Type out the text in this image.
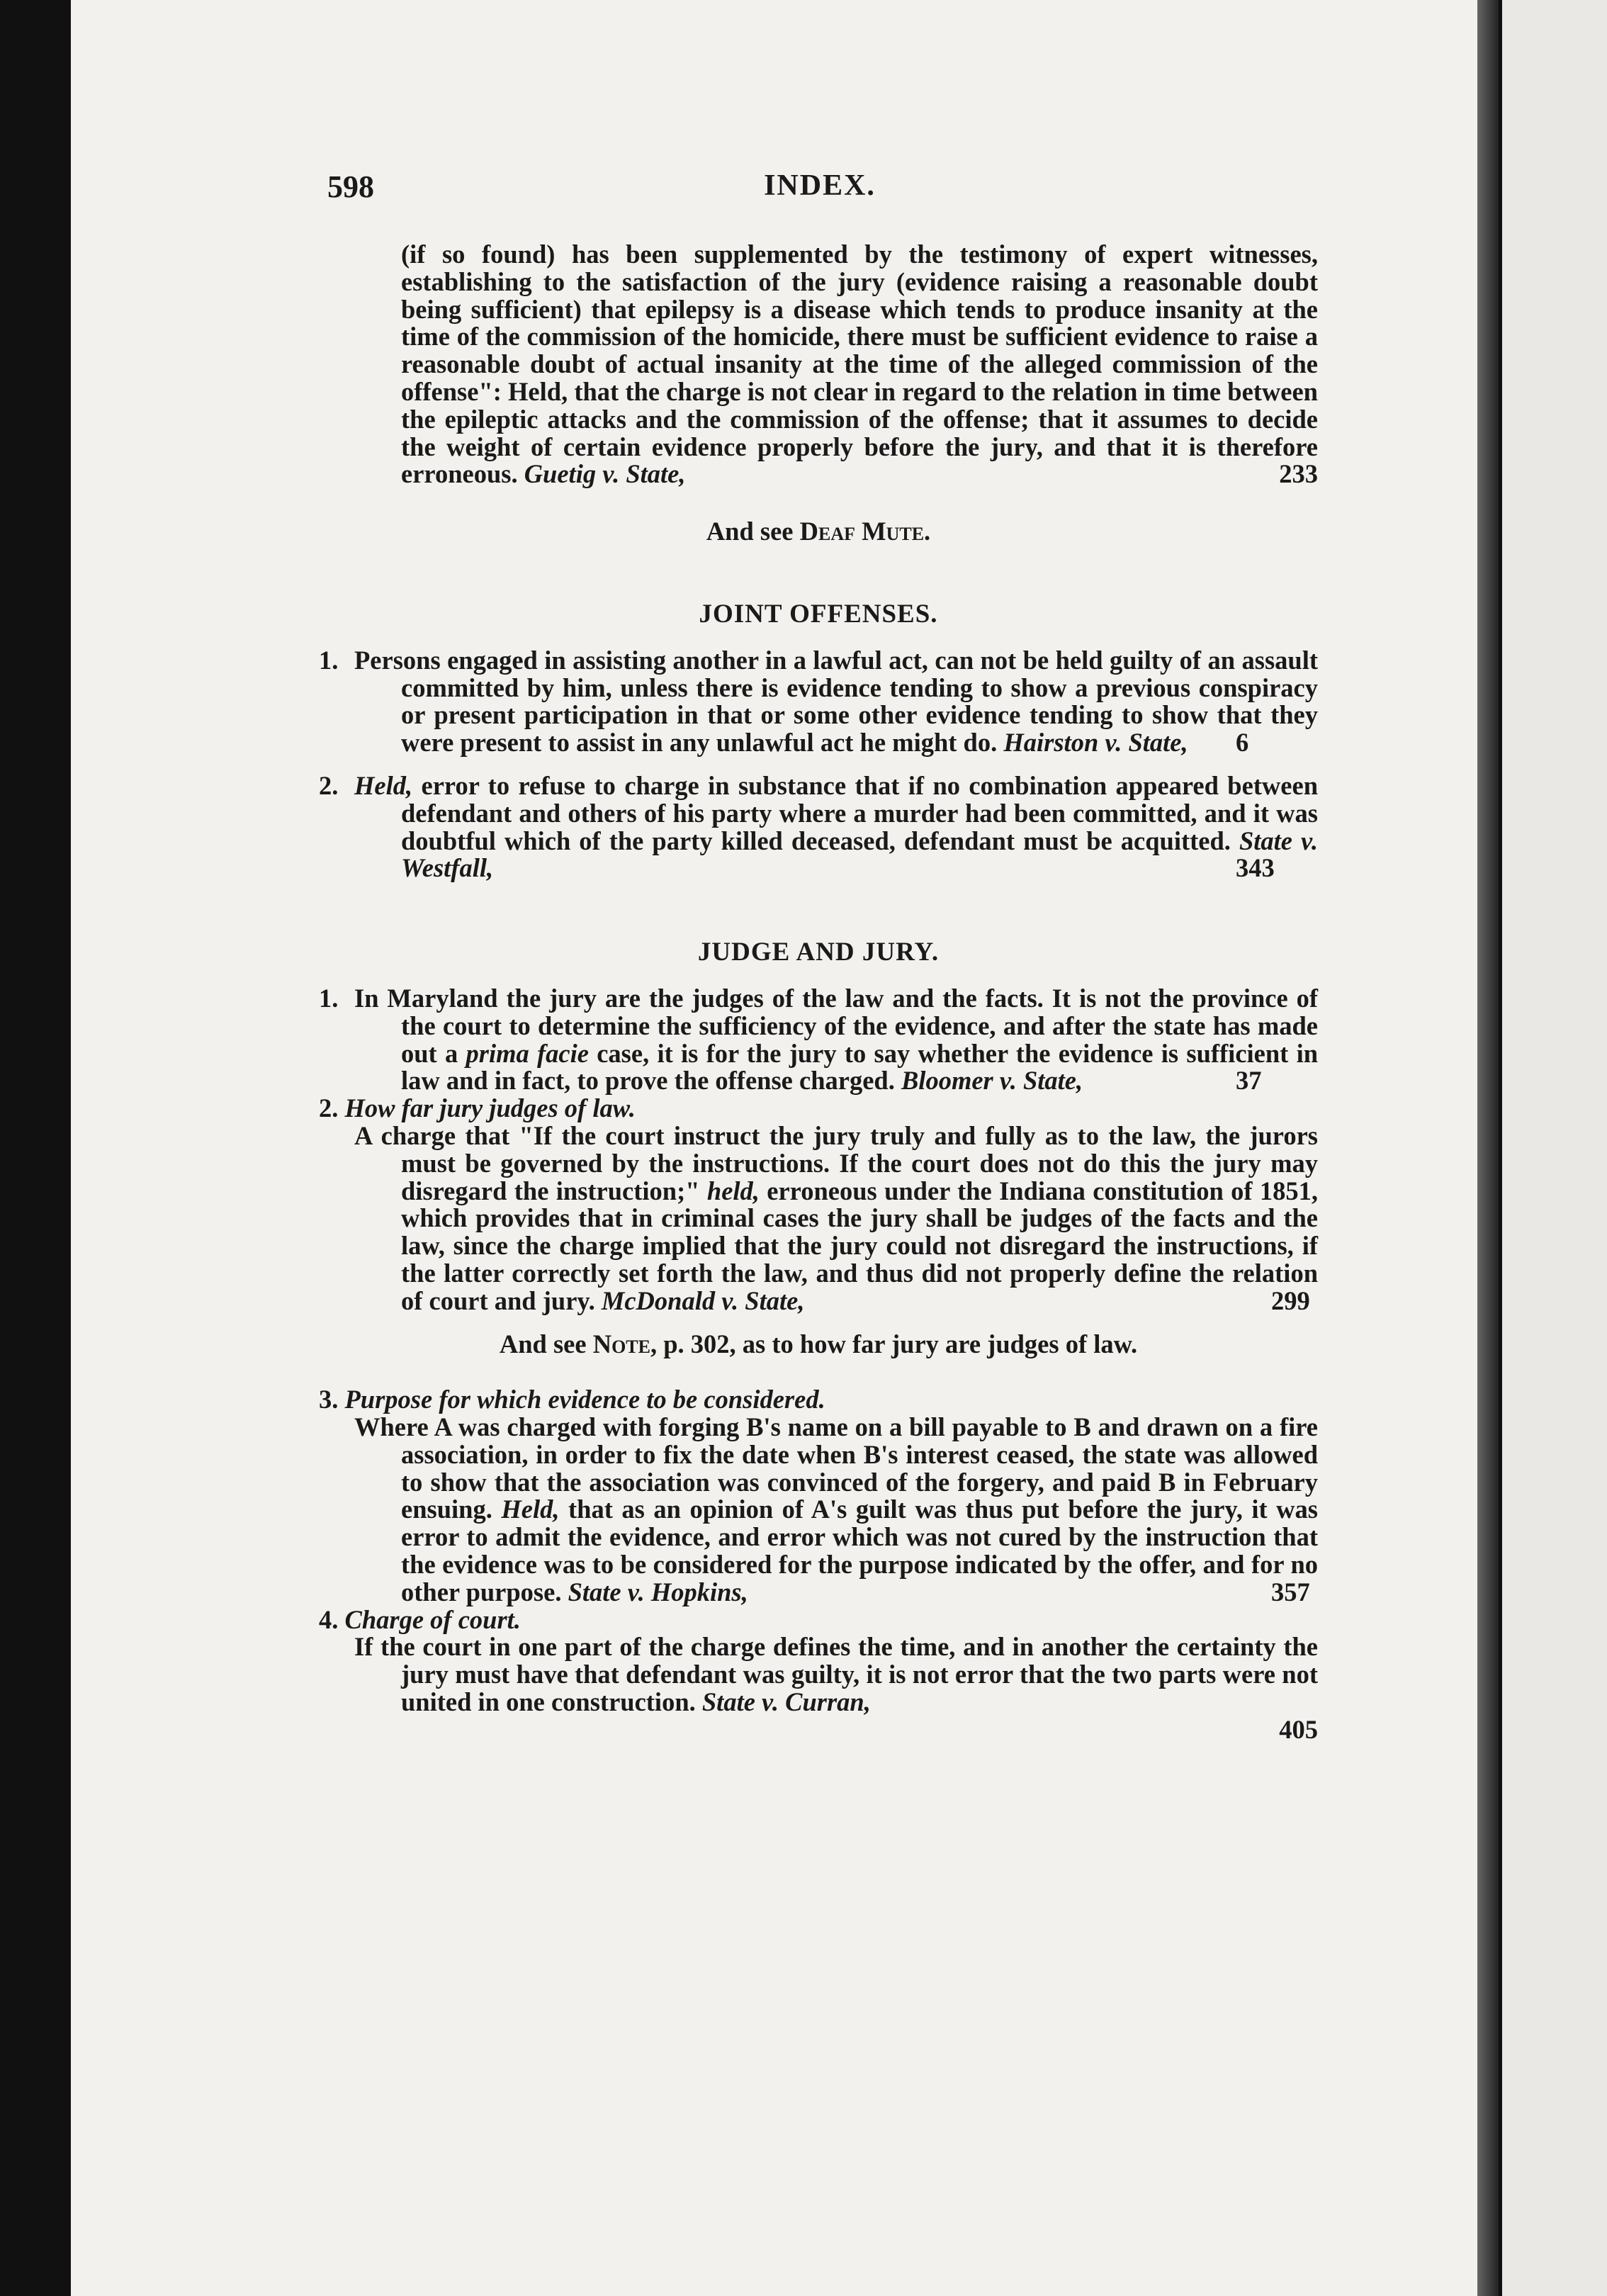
598	INDEX.

(if so found) has been supplemented by the testimony of expert witnesses, establishing to the satisfaction of the jury (evidence raising a reasonable doubt being sufficient) that epilepsy is a disease which tends to produce insanity at the time of the commission of the homicide, there must be sufficient evidence to raise a reasonable doubt of actual insanity at the time of the alleged commission of the offense": Held, that the charge is not clear in regard to the relation in time between the epileptic attacks and the commission of the offense; that it assumes to decide the weight of certain evidence properly before the jury, and that it is therefore erroneous. Guetig v. State,	233

And see Deaf Mute.

JOINT OFFENSES.

1. Persons engaged in assisting another in a lawful act, can not be held guilty of an assault committed by him, unless there is evidence tending to show a previous conspiracy or present participation in that or some other evidence tending to show that they were present to assist in any unlawful act he might do. Hairston v. State, 6

2. Held, error to refuse to charge in substance that if no combination appeared between defendant and others of his party where a murder had been committed, and it was doubtful which of the party killed deceased, defendant must be acquitted. State v. Westfall,	343

JUDGE AND JURY.

1. In Maryland the jury are the judges of the law and the facts. It is not the province of the court to determine the sufficiency of the evidence, and after the state has made out a prima facie case, it is for the jury to say whether the evidence is sufficient in law and in fact, to prove the offense charged. Bloomer v. State,	37

2. How far jury judges of law.

A charge that "If the court instruct the jury truly and fully as to the law, the jurors must be governed by the instructions. If the court does not do this the jury may disregard the instruction;" held, erroneous under the Indiana constitution of 1851, which provides that in criminal cases the jury shall be judges of the facts and the law, since the charge implied that the jury could not disregard the instructions, if the latter correctly set forth the law, and thus did not properly define the relation of court and jury. McDonald v. State,	299

And see Note, p. 302, as to how far jury are judges of law.

3. Purpose for which evidence to be considered.

Where A was charged with forging B's name on a bill payable to B and drawn on a fire association, in order to fix the date when B's interest ceased, the state was allowed to show that the association was convinced of the forgery, and paid B in February ensuing. Held, that as an opinion of A's guilt was thus put before the jury, it was error to admit the evidence, and error which was not cured by the instruction that the evidence was to be considered for the purpose indicated by the offer, and for no other purpose. State v. Hopkins,	357

4. Charge of court.

If the court in one part of the charge defines the time, and in another the certainty the jury must have that defendant was guilty, it is not error that the two parts were not united in one construction. State v. Curran,

405
